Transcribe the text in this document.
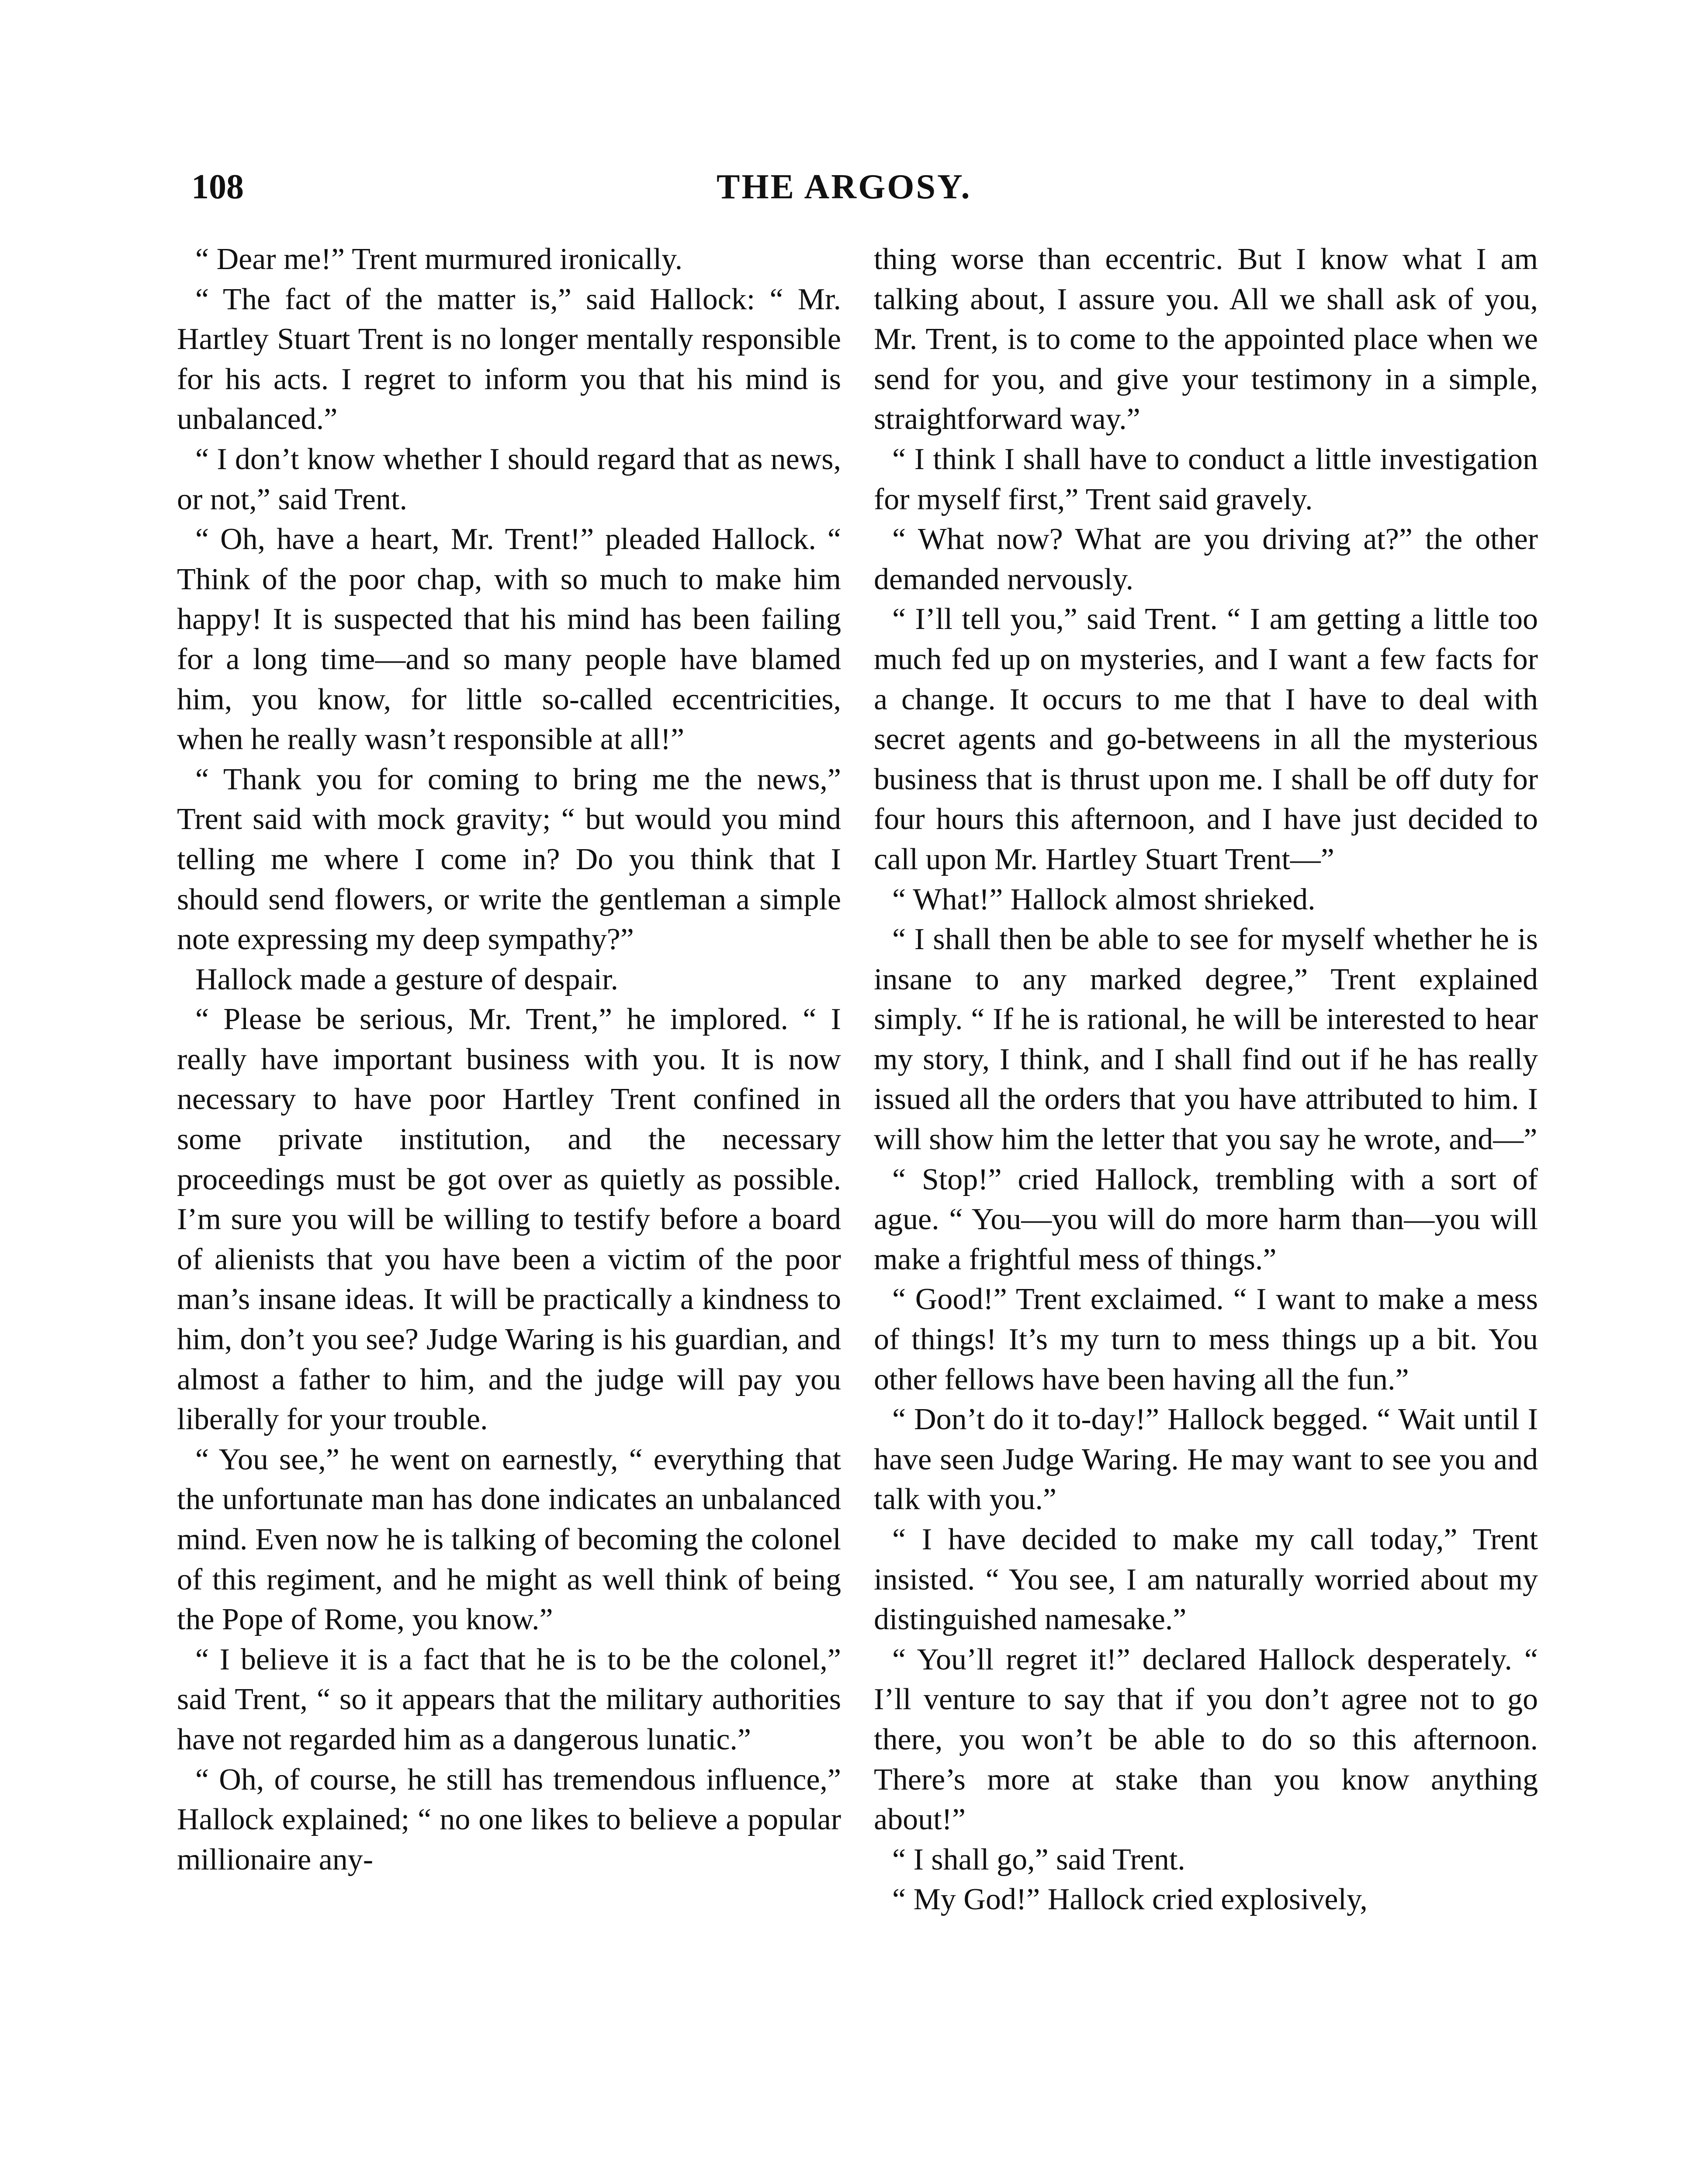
108	THE ARGOSY.

“ Dear me!” Trent murmured ironically.

“ The fact of the matter is,” said Hallock: “ Mr. Hartley Stuart Trent is no longer mentally responsible for his acts. I regret to inform you that his mind is unbalanced.”

“ I don’t know whether I should regard that as news, or not,” said Trent.

“ Oh, have a heart, Mr. Trent!” pleaded Hallock. “ Think of the poor chap, with so much to make him happy! It is suspected that his mind has been failing for a long time—and so many people have blamed him, you know, for little so-called eccentricities, when he really wasn’t responsible at all!”

“ Thank you for coming to bring me the news,” Trent said with mock gravity; “ but would you mind telling me where I come in? Do you think that I should send flowers, or write the gentleman a simple note expressing my deep sympathy?”

Hallock made a gesture of despair.

“ Please be serious, Mr. Trent,” he implored. “ I really have important business with you. It is now necessary to have poor Hartley Trent confined in some private institution, and the necessary proceedings must be got over as quietly as possible. I’m sure you will be willing to testify before a board of alienists that you have been a victim of the poor man’s insane ideas. It will be practically a kindness to him, don’t you see? Judge Waring is his guardian, and almost a father to him, and the judge will pay you liberally for your trouble.

“ You see,” he went on earnestly, “ everything that the unfortunate man has done indicates an unbalanced mind. Even now he is talking of becoming the colonel of this regiment, and he might as well think of being the Pope of Rome, you know.”

“ I believe it is a fact that he is to be the colonel,” said Trent, “ so it appears that the military authorities have not regarded him as a dangerous lunatic.”

“ Oh, of course, he still has tremendous influence,” Hallock explained; “ no one likes to believe a popular millionaire any-

thing worse than eccentric. But I know what I am talking about, I assure you. All we shall ask of you, Mr. Trent, is to come to the appointed place when we send for you, and give your testimony in a simple, straightforward way.”

“ I think I shall have to conduct a little investigation for myself first,” Trent said gravely.

“ What now? What are you driving at?” the other demanded nervously.

“ I’ll tell you,” said Trent. “ I am getting a little too much fed up on mysteries, and I want a few facts for a change. It occurs to me that I have to deal with secret agents and go-betweens in all the mysterious business that is thrust upon me. I shall be off duty for four hours this afternoon, and I have just decided to call upon Mr. Hartley Stuart Trent—”

“ What!” Hallock almost shrieked.

“ I shall then be able to see for myself whether he is insane to any marked degree,” Trent explained simply. “ If he is rational, he will be interested to hear my story, I think, and I shall find out if he has really issued all the orders that you have attributed to him. I will show him the letter that you say he wrote, and—”

“ Stop!” cried Hallock, trembling with a sort of ague. “ You—you will do more harm than—you will make a frightful mess of things.”

“ Good!” Trent exclaimed. “ I want to make a mess of things! It’s my turn to mess things up a bit. You other fellows have been having all the fun.”

“ Don’t do it to-day!” Hallock begged. “ Wait until I have seen Judge Waring. He may want to see you and talk with you.”

“ I have decided to make my call today,” Trent insisted. “ You see, I am naturally worried about my distinguished namesake.”

“ You’ll regret it!” declared Hallock desperately. “ I’ll venture to say that if you don’t agree not to go there, you won’t be able to do so this afternoon. There’s more at stake than you know anything about!”

“ I shall go,” said Trent.

“ My God!” Hallock cried explosively,
